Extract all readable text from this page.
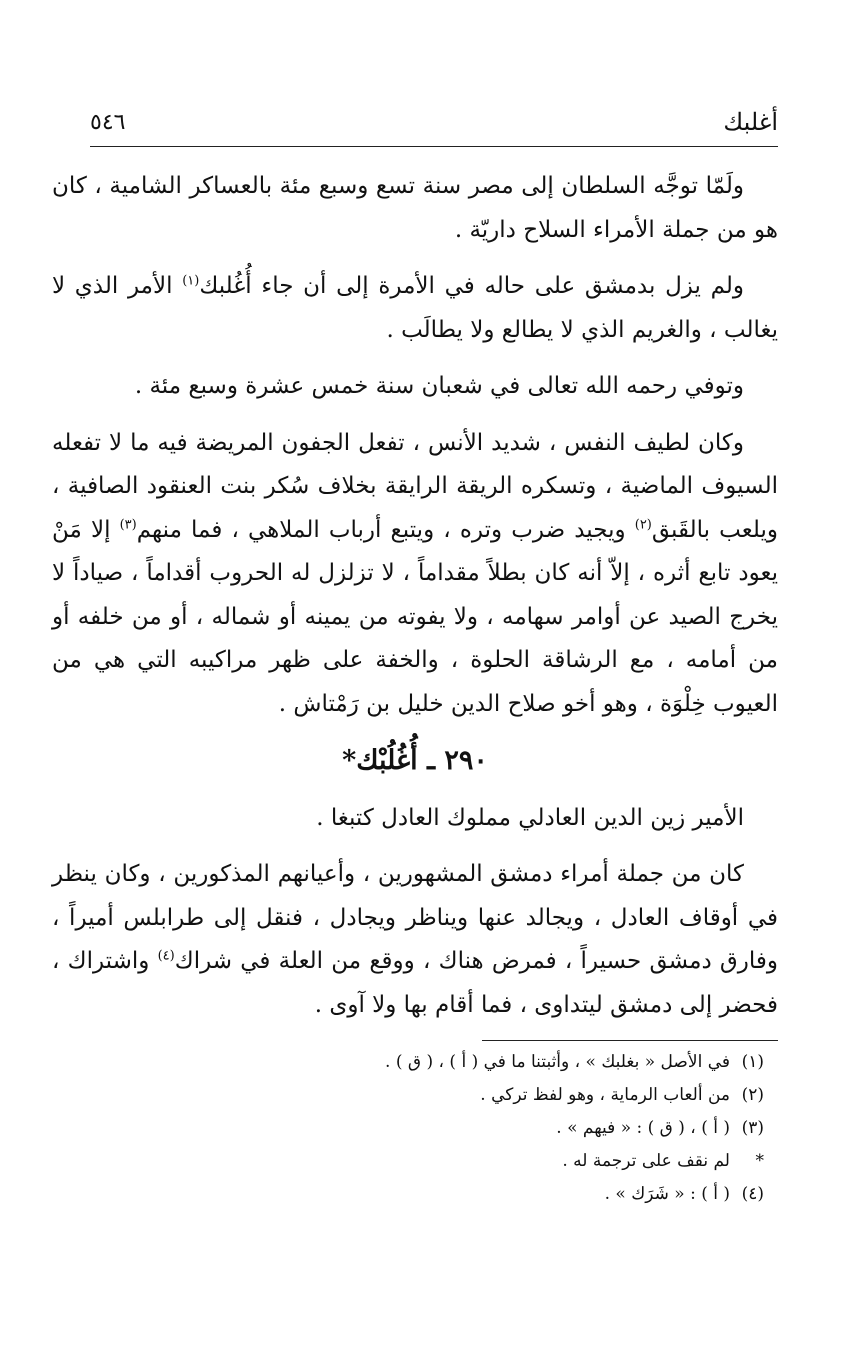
أغلبك
٥٤٦

ولَمّا توجَّه السلطان إلى مصر سنة تسع وسبع مئة بالعساكر الشامية ، كان هو من جملة الأمراء السلاح داريّة .

ولم يزل بدمشق على حاله في الأمرة إلى أن جاء أُغُلبك$^{(١)}$ الأمر الذي لا يغالب ، والغريم الذي لا يطالع ولا يطالَب .

وتوفي رحمه الله تعالى في شعبان سنة خمس عشرة وسبع مئة .

وكان لطيف النفس ، شديد الأنس ، تفعل الجفون المريضة فيه ما لا تفعله السيوف الماضية ، وتسكره الريقة الرايقة بخلاف سُكر بنت العنقود الصافية ، ويلعب بالقَبق$^{(٢)}$ ويجيد ضرب وتره ، ويتبع أرباب الملاهي ، فما منهم$^{(٣)}$ إلا مَنْ يعود تابع أثره ، إلاّ أنه كان بطلاً مقداماً ، لا تزلزل له الحروب أقداماً ، صياداً لا يخرج الصيد عن أوامر سهامه ، ولا يفوته من يمينه أو شماله ، أو من خلفه أو من أمامه ، مع الرشاقة الحلوة ، والخفة على ظهر مراكيبه التي هي من العيوب خِلْوَة ، وهو أخو صلاح الدين خليل بن رَمْتاش .

٢٩٠ ـ أُغُلُبْك*

الأمير زين الدين العادلي مملوك العادل كتبغا .

كان من جملة أمراء دمشق المشهورين ، وأعيانهم المذكورين ، وكان ينظر في أوقاف العادل ، ويجالد عنها ويناظر ويجادل ، فنقل إلى طرابلس أميراً ، وفارق دمشق حسيراً ، فمرض هناك ، ووقع من العلة في شراك$^{(٤)}$ واشتراك ، فحضر إلى دمشق ليتداوى ، فما أقام بها ولا آوى .

(١)
في الأصل « بغلبك » ، وأثبتنا ما في ( أ ) ، ( ق ) .
(٢)
من ألعاب الرماية ، وهو لفظ تركي .
(٣)
( أ ) ، ( ق ) : « فيهم » .
*
لم نقف على ترجمة له .
(٤)
( أ ) : « شَرَك » .
